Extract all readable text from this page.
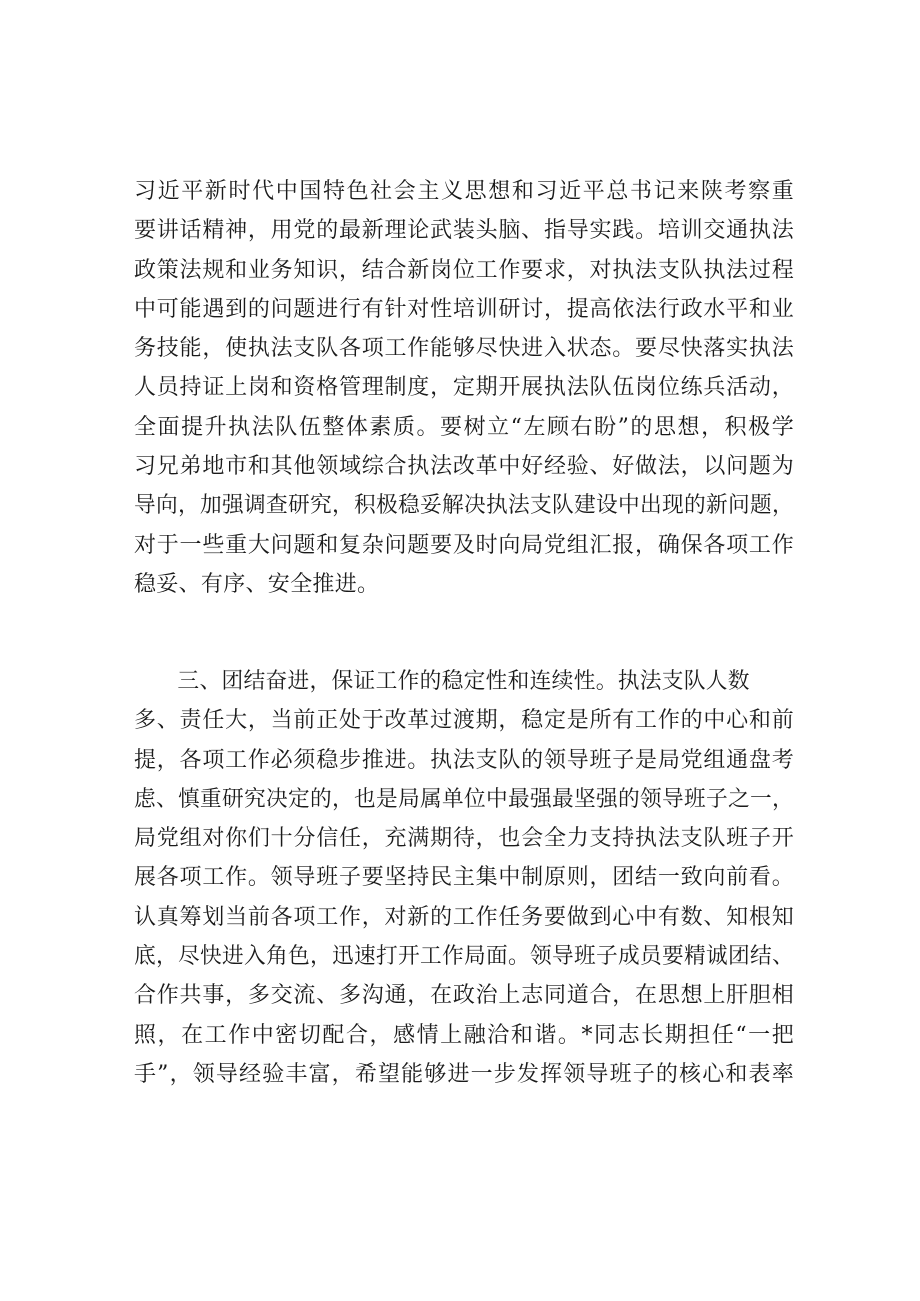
习近平新时代中国特色社会主义思想和习近平总书记来陕考察重
要讲话精神，用党的最新理论武装头脑、指导实践。培训交通执法
政策法规和业务知识，结合新岗位工作要求，对执法支队执法过程
中可能遇到的问题进行有针对性培训研讨，提高依法行政水平和业
务技能，使执法支队各项工作能够尽快进入状态。要尽快落实执法
人员持证上岗和资格管理制度，定期开展执法队伍岗位练兵活动，
全面提升执法队伍整体素质。要树立“左顾右盼”的思想，积极学
习兄弟地市和其他领域综合执法改革中好经验、好做法，以问题为
导向，加强调查研究，积极稳妥解决执法支队建设中出现的新问题，
对于一些重大问题和复杂问题要及时向局党组汇报，确保各项工作
稳妥、有序、安全推进。
三、团结奋进，保证工作的稳定性和连续性。执法支队人数
多、责任大，当前正处于改革过渡期，稳定是所有工作的中心和前
提，各项工作必须稳步推进。执法支队的领导班子是局党组通盘考
虑、慎重研究决定的，也是局属单位中最强最坚强的领导班子之一，
局党组对你们十分信任，充满期待，也会全力支持执法支队班子开
展各项工作。领导班子要坚持民主集中制原则，团结一致向前看。
认真筹划当前各项工作，对新的工作任务要做到心中有数、知根知
底，尽快进入角色，迅速打开工作局面。领导班子成员要精诚团结、
合作共事，多交流、多沟通，在政治上志同道合，在思想上肝胆相
照，在工作中密切配合，感情上融洽和谐。*同志长期担任“一把
手”，领导经验丰富，希望能够进一步发挥领导班子的核心和表率
